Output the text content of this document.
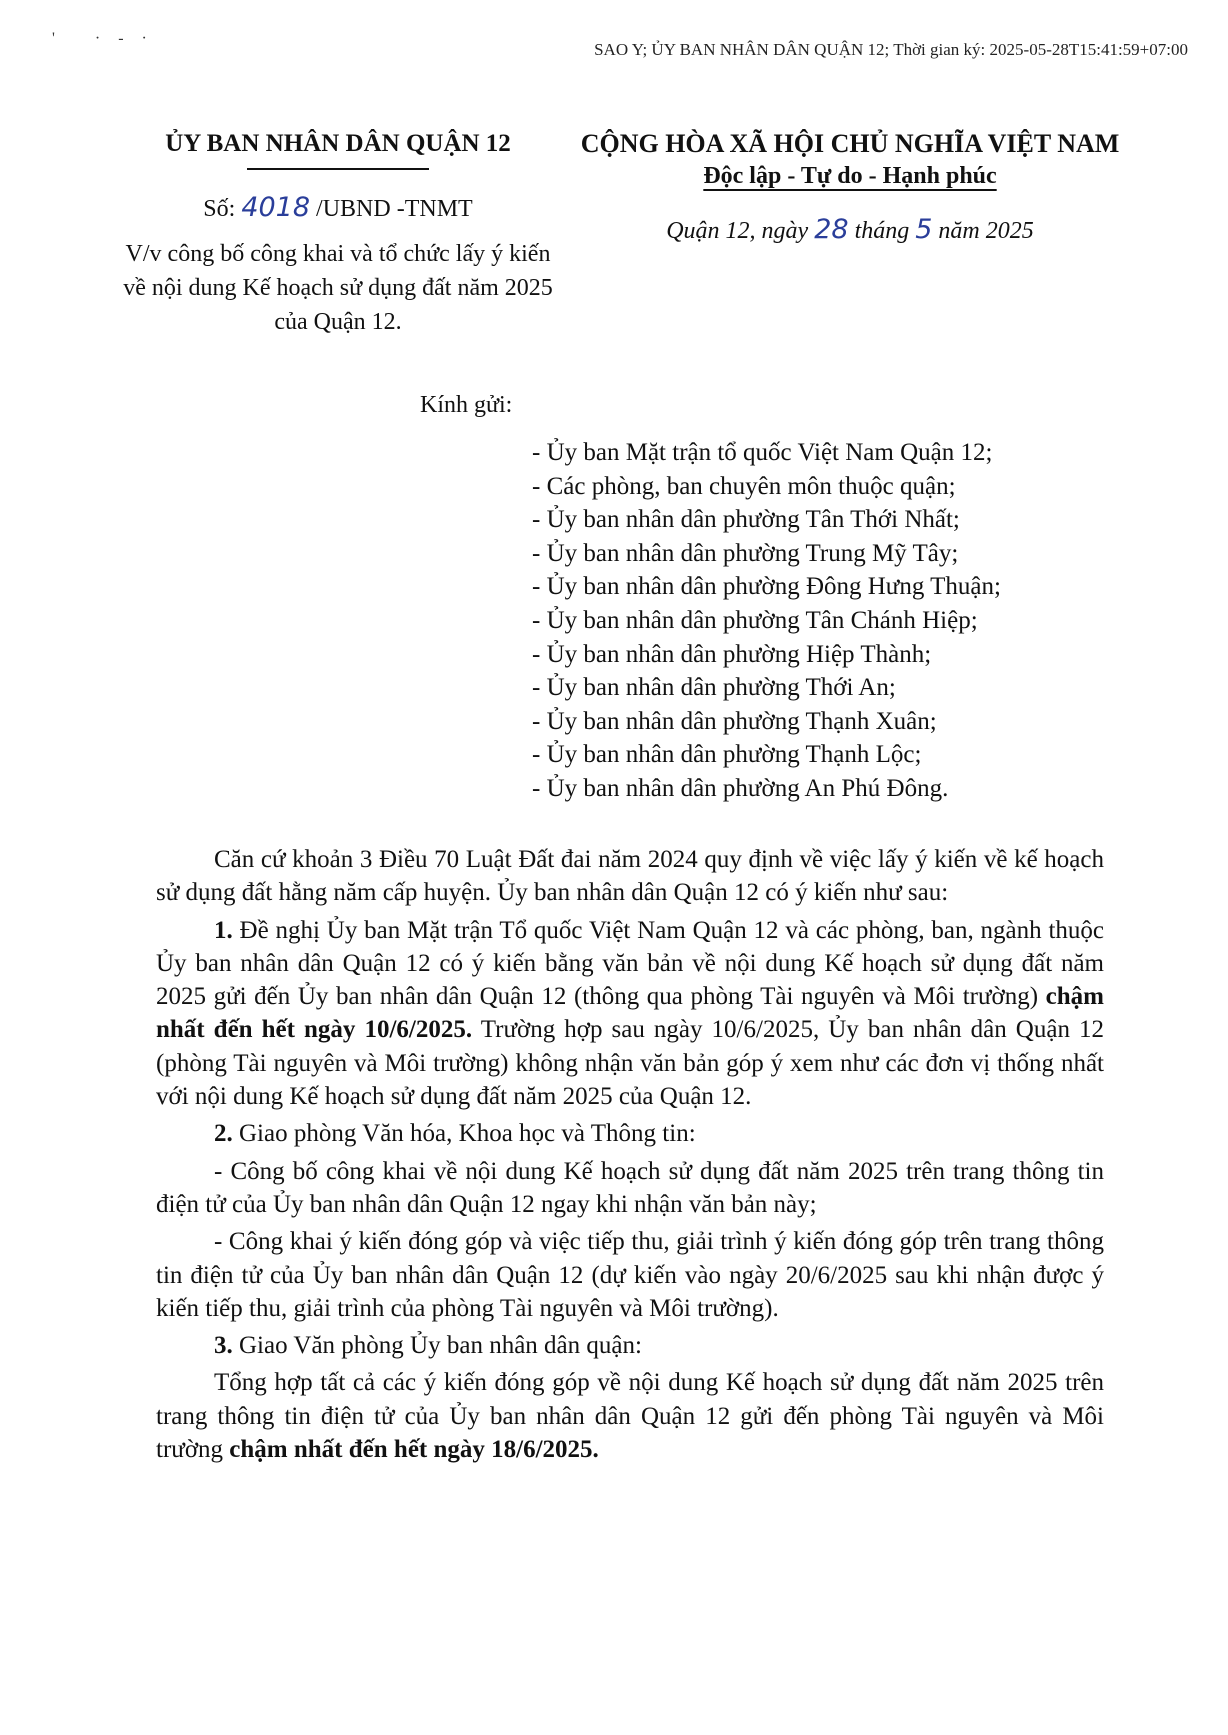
SAO Y; ỦY BAN NHÂN DÂN QUẬN 12; Thời gian ký: 2025-05-28T15:41:59+07:00
' ·-·
ỦY BAN NHÂN DÂN QUẬN 12
Số: 4018 /UBND -TNMT
V/v công bố công khai và tổ chức lấy ý kiến về nội dung Kế hoạch sử dụng đất năm 2025 của Quận 12.
CỘNG HÒA XÃ HỘI CHỦ NGHĨA VIỆT NAM
Độc lập - Tự do - Hạnh phúc
Quận 12, ngày 28 tháng 5 năm 2025
Kính gửi:
- Ủy ban Mặt trận tổ quốc Việt Nam Quận 12;
- Các phòng, ban chuyên môn thuộc quận;
- Ủy ban nhân dân phường Tân Thới Nhất;
- Ủy ban nhân dân phường Trung Mỹ Tây;
- Ủy ban nhân dân phường Đông Hưng Thuận;
- Ủy ban nhân dân phường Tân Chánh Hiệp;
- Ủy ban nhân dân phường Hiệp Thành;
- Ủy ban nhân dân phường Thới An;
- Ủy ban nhân dân phường Thạnh Xuân;
- Ủy ban nhân dân phường Thạnh Lộc;
- Ủy ban nhân dân phường An Phú Đông.

Căn cứ khoản 3 Điều 70 Luật Đất đai năm 2024 quy định về việc lấy ý kiến về kế hoạch sử dụng đất hằng năm cấp huyện. Ủy ban nhân dân Quận 12 có ý kiến như sau:

1. Đề nghị Ủy ban Mặt trận Tổ quốc Việt Nam Quận 12 và các phòng, ban, ngành thuộc Ủy ban nhân dân Quận 12 có ý kiến bằng văn bản về nội dung Kế hoạch sử dụng đất năm 2025 gửi đến Ủy ban nhân dân Quận 12 (thông qua phòng Tài nguyên và Môi trường) chậm nhất đến hết ngày 10/6/2025. Trường hợp sau ngày 10/6/2025, Ủy ban nhân dân Quận 12 (phòng Tài nguyên và Môi trường) không nhận văn bản góp ý xem như các đơn vị thống nhất với nội dung Kế hoạch sử dụng đất năm 2025 của Quận 12.

2. Giao phòng Văn hóa, Khoa học và Thông tin:

- Công bố công khai về nội dung Kế hoạch sử dụng đất năm 2025 trên trang thông tin điện tử của Ủy ban nhân dân Quận 12 ngay khi nhận văn bản này;

- Công khai ý kiến đóng góp và việc tiếp thu, giải trình ý kiến đóng góp trên trang thông tin điện tử của Ủy ban nhân dân Quận 12 (dự kiến vào ngày 20/6/2025 sau khi nhận được ý kiến tiếp thu, giải trình của phòng Tài nguyên và Môi trường).

3. Giao Văn phòng Ủy ban nhân dân quận:

Tổng hợp tất cả các ý kiến đóng góp về nội dung Kế hoạch sử dụng đất năm 2025 trên trang thông tin điện tử của Ủy ban nhân dân Quận 12 gửi đến phòng Tài nguyên và Môi trường chậm nhất đến hết ngày 18/6/2025.
